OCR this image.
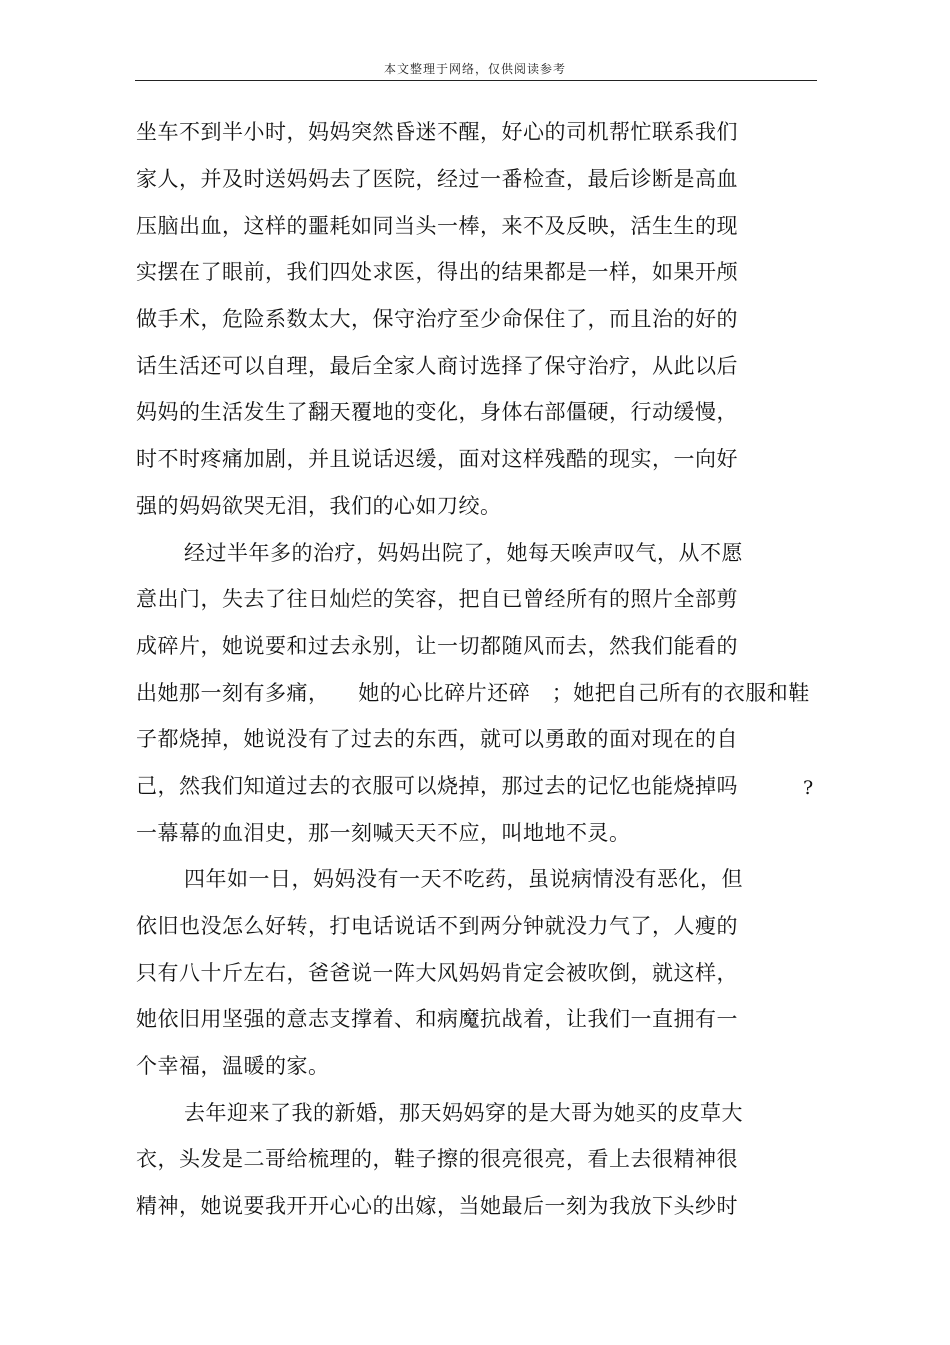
本文整理于网络，仅供阅读参考
坐车不到半小时，妈妈突然昏迷不醒，好心的司机帮忙联系我们
家人，并及时送妈妈去了医院，经过一番检查，最后诊断是高血
压脑出血，这样的噩耗如同当头一棒，来不及反映，活生生的现
实摆在了眼前，我们四处求医，得出的结果都是一样，如果开颅
做手术，危险系数太大，保守治疗至少命保住了，而且治的好的
话生活还可以自理，最后全家人商讨选择了保守治疗，从此以后
妈妈的生活发生了翻天覆地的变化，身体右部僵硬，行动缓慢，
时不时疼痛加剧，并且说话迟缓，面对这样残酷的现实，一向好
强的妈妈欲哭无泪，我们的心如刀绞。
经过半年多的治疗，妈妈出院了，她每天唉声叹气，从不愿
意出门，失去了往日灿烂的笑容，把自已曾经所有的照片全部剪
成碎片，她说要和过去永别，让一切都随风而去，然我们能看的
出她那一刻有多痛，    她的心比碎片还碎   ；她把自己所有的衣服和鞋
子都烧掉，她说没有了过去的东西，就可以勇敢的面对现在的自
己，然我们知道过去的衣服可以烧掉，那过去的记忆也能烧掉吗	?
一幕幕的血泪史，那一刻喊天天不应，叫地地不灵。
四年如一日，妈妈没有一天不吃药，虽说病情没有恶化，但
依旧也没怎么好转，打电话说话不到两分钟就没力气了，人瘦的
只有八十斤左右，爸爸说一阵大风妈妈肯定会被吹倒，就这样，
她依旧用坚强的意志支撑着、和病魔抗战着，让我们一直拥有一
个幸福，温暖的家。
去年迎来了我的新婚，那天妈妈穿的是大哥为她买的皮草大
衣，头发是二哥给梳理的，鞋子擦的很亮很亮，看上去很精神很
精神，她说要我开开心心的出嫁，当她最后一刻为我放下头纱时
